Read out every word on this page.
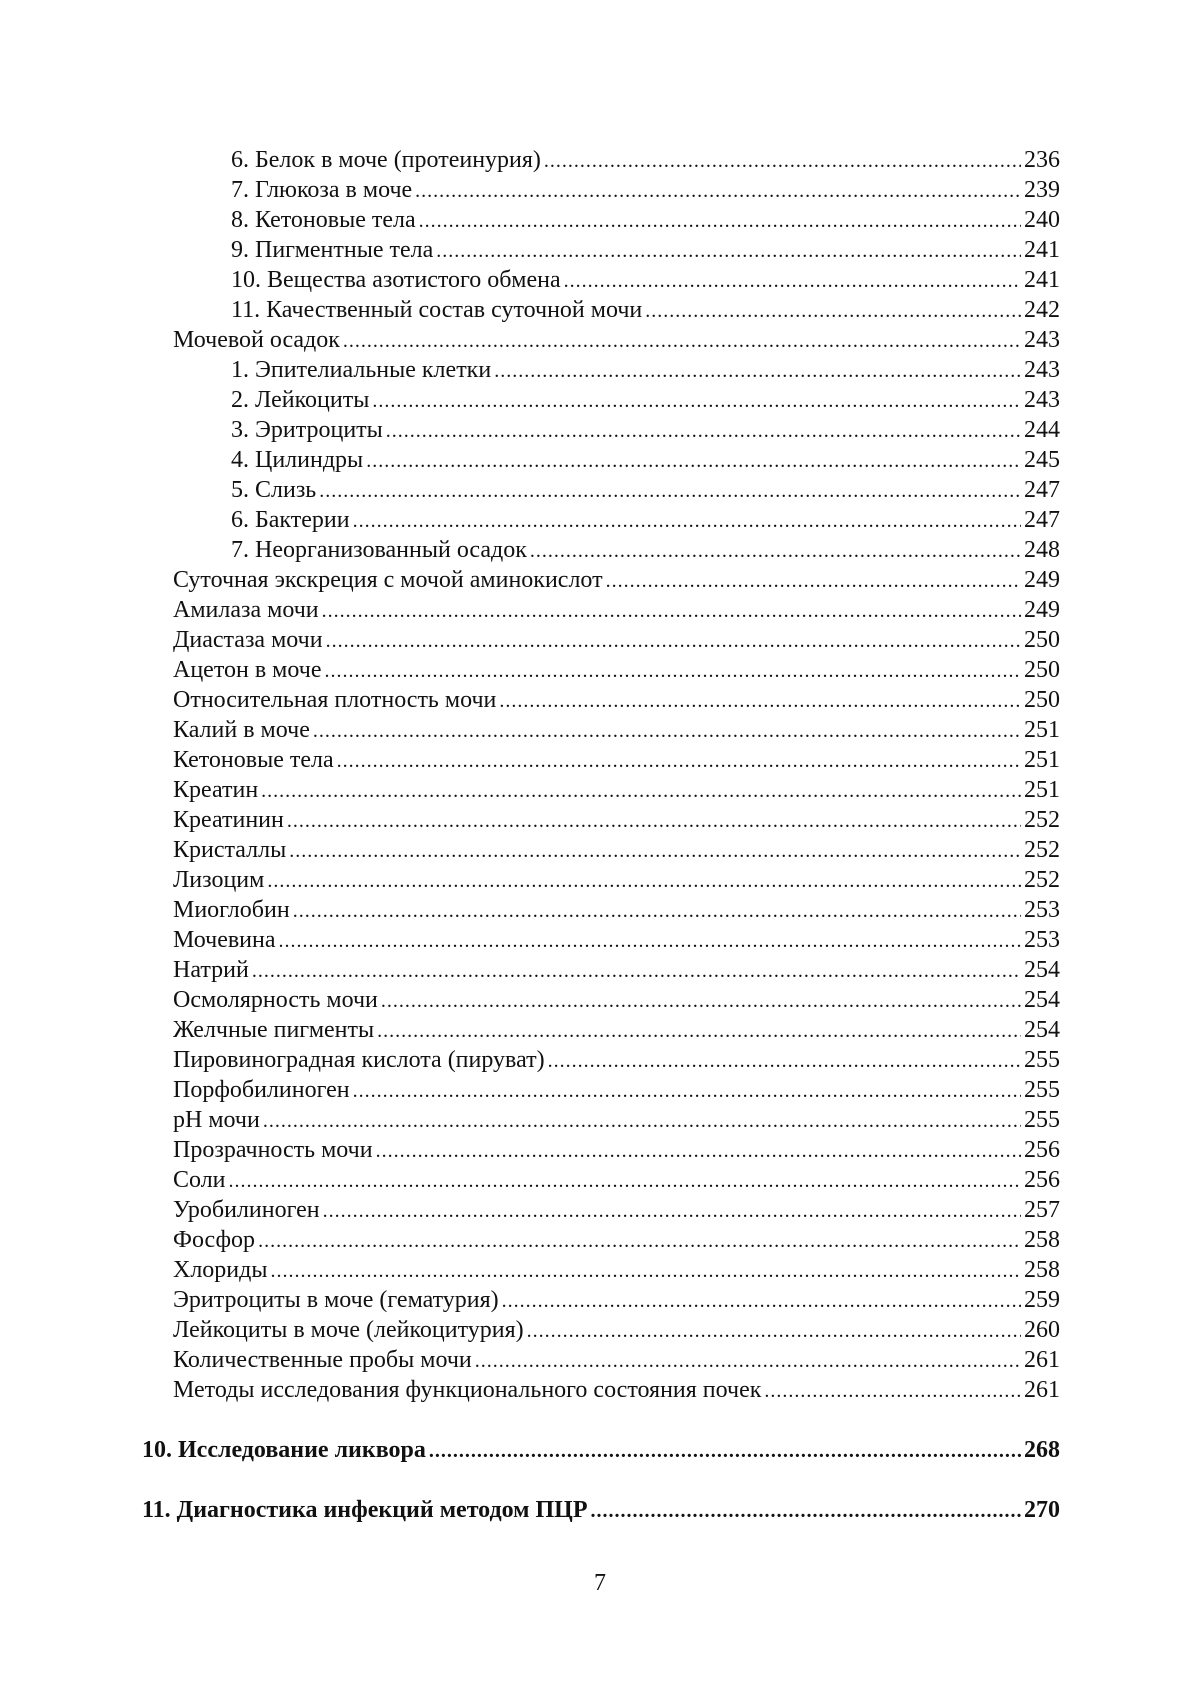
6. Белок в моче (протеинурия) .....	236
7. Глюкоза в моче .....	239
8. Кетоновые тела .....	240
9. Пигментные тела .....	241
10. Вещества азотистого обмена .....	241
11. Качественный состав суточной мочи .....	242
Мочевой осадок .....	243
1. Эпителиальные клетки .....	243
2. Лейкоциты .....	243
3. Эритроциты .....	244
4. Цилиндры .....	245
5. Слизь .....	247
6. Бактерии .....	247
7. Неорганизованный осадок .....	248
Суточная экскреция с мочой аминокислот .....	249
Амилаза мочи .....	249
Диастаза мочи .....	250
Ацетон в моче .....	250
Относительная плотность мочи .....	250
Калий в моче .....	251
Кетоновые тела .....	251
Креатин .....	251
Креатинин .....	252
Кристаллы .....	252
Лизоцим .....	252
Миоглобин .....	253
Мочевина .....	253
Натрий .....	254
Осмолярность мочи .....	254
Желчные пигменты .....	254
Пировиноградная кислота (пируват) .....	255
Порфобилиноген .....	255
рН мочи .....	255
Прозрачность мочи .....	256
Соли .....	256
Уробилиноген .....	257
Фосфор .....	258
Хлориды .....	258
Эритроциты в моче (гематурия) .....	259
Лейкоциты в моче (лейкоцитурия) .....	260
Количественные пробы мочи .....	261
Методы исследования функционального состояния почек .....	261
10. Исследование ликвора .....	268
11. Диагностика инфекций методом ПЦР .....	270
7
